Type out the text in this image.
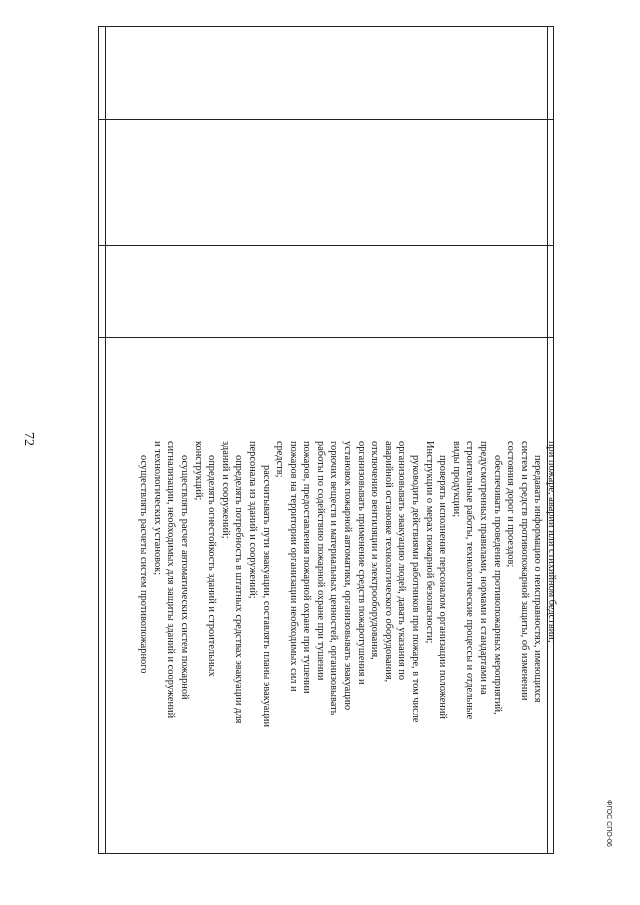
72
ФГОС СПО-06

при пожаре, аварии или стихийном бедствии;

передавать информацию о неисправностях, имеющихся

систем и средств противопожарной защиты, об изменении

состояния дорог и проездов;

обеспечивать проведение противопожарных мероприятий,

предусмотренных правилами, нормами и стандартами на

строительные работы, технологические процессы и отдельные

виды продукции;

проверять исполнение персоналом организации положений

Инструкции о мерах пожарной безопасности;

руководить действиями работников при пожаре, в том числе

организовывать эвакуацию людей, давать указания по

аварийной остановке технологического оборудования,

отключению вентиляции и электрооборудования,

организовывать применение средств пожаротушения и

установок пожарной автоматики, организовывать эвакуацию

горючих веществ и материальных ценностей, организовывать

работы по содействию пожарной охране при тушении

пожаров, предоставления пожарной охране при тушении

пожаров на территории организации необходимых сил и

средств;

рассчитывать пути эвакуации, составлять планы эвакуации

персонала из зданий и сооружений;

определять потребность в штатных средствах эвакуации для

зданий и сооружений;

определять огнестойкость зданий и строительных

конструкций;

осуществлять расчет автоматических систем пожарной

сигнализации, необходимых для защиты зданий и сооружений

и технологических установок;

осуществлять расчеты систем противопожарного
